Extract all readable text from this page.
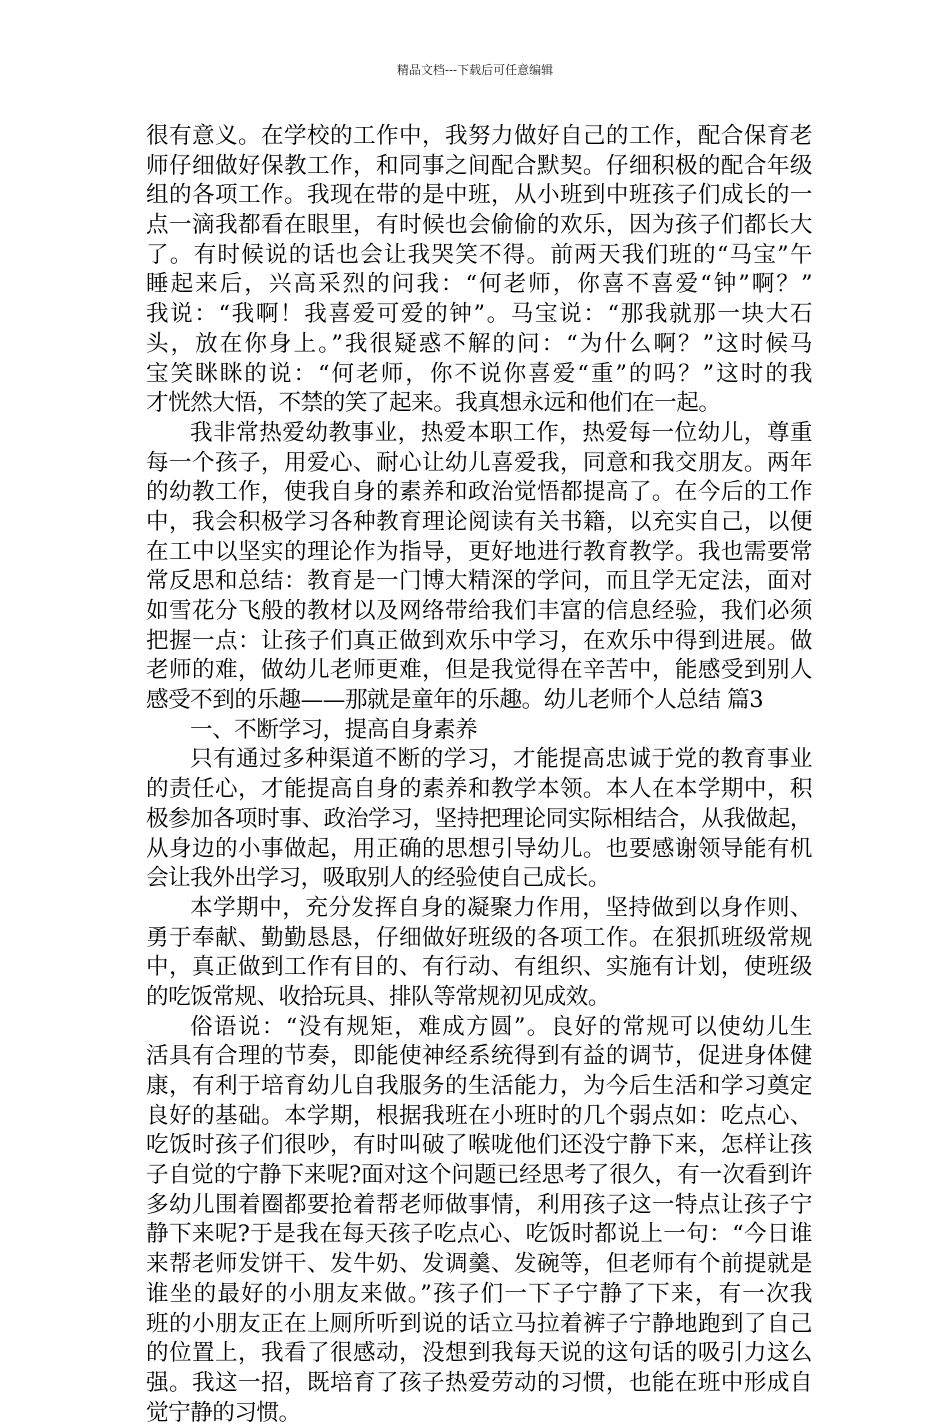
精品文档---下载后可任意编辑
很有意义。在学校的工作中，我努力做好自己的工作，配合保育老
师仔细做好保教工作，和同事之间配合默契。仔细积极的配合年级
组的各项工作。我现在带的是中班，从小班到中班孩子们成长的一
点一滴我都看在眼里，有时候也会偷偷的欢乐，因为孩子们都长大
了。有时候说的话也会让我哭笑不得。前两天我们班的“马宝”午
睡起来后，兴高采烈的问我：“何老师，你喜不喜爱“钟”啊？”
我说：“我啊！我喜爱可爱的钟”。马宝说：“那我就那一块大石
头，放在你身上。”我很疑惑不解的问：“为什么啊？”这时候马
宝笑眯眯的说：“何老师，你不说你喜爱“重”的吗？”这时的我
才恍然大悟，不禁的笑了起来。我真想永远和他们在一起。
我非常热爱幼教事业，热爱本职工作，热爱每一位幼儿，尊重
每一个孩子，用爱心、耐心让幼儿喜爱我，同意和我交朋友。两年
的幼教工作，使我自身的素养和政治觉悟都提高了。在今后的工作
中，我会积极学习各种教育理论阅读有关书籍，以充实自己，以便
在工中以坚实的理论作为指导，更好地进行教育教学。我也需要常
常反思和总结：教育是一门博大精深的学问，而且学无定法，面对
如雪花分飞般的教材以及网络带给我们丰富的信息经验，我们必须
把握一点：让孩子们真正做到欢乐中学习，在欢乐中得到进展。做
老师的难，做幼儿老师更难，但是我觉得在辛苦中，能感受到别人
感受不到的乐趣——那就是童年的乐趣。幼儿老师个人总结 篇3
一、不断学习，提高自身素养
只有通过多种渠道不断的学习，才能提高忠诚于党的教育事业
的责任心，才能提高自身的素养和教学本领。本人在本学期中，积
极参加各项时事、政治学习，坚持把理论同实际相结合，从我做起，
从身边的小事做起，用正确的思想引导幼儿。也要感谢领导能有机
会让我外出学习，吸取别人的经验使自己成长。
本学期中，充分发挥自身的凝聚力作用，坚持做到以身作则、
勇于奉献、勤勤恳恳，仔细做好班级的各项工作。在狠抓班级常规
中，真正做到工作有目的、有行动、有组织、实施有计划，使班级
的吃饭常规、收拾玩具、排队等常规初见成效。
俗语说：“没有规矩，难成方圆”。良好的常规可以使幼儿生
活具有合理的节奏，即能使神经系统得到有益的调节，促进身体健
康，有利于培育幼儿自我服务的生活能力，为今后生活和学习奠定
良好的基础。本学期，根据我班在小班时的几个弱点如：吃点心、
吃饭时孩子们很吵，有时叫破了喉咙他们还没宁静下来，怎样让孩
子自觉的宁静下来呢?面对这个问题已经思考了很久，有一次看到许
多幼儿围着圈都要抢着帮老师做事情，利用孩子这一特点让孩子宁
静下来呢?于是我在每天孩子吃点心、吃饭时都说上一句：“今日谁
来帮老师发饼干、发牛奶、发调羹、发碗等，但老师有个前提就是
谁坐的最好的小朋友来做。”孩子们一下子宁静了下来，有一次我
班的小朋友正在上厕所听到说的话立马拉着裤子宁静地跑到了自己
的位置上，我看了很感动，没想到我每天说的这句话的吸引力这么
强。我这一招，既培育了孩子热爱劳动的习惯，也能在班中形成自
觉宁静的习惯。
